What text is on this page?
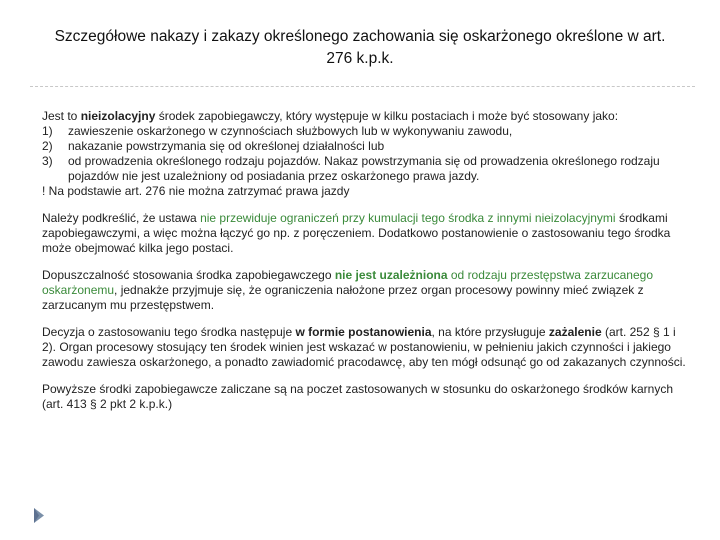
Szczegółowe nakazy i zakazy określonego zachowania się oskarżonego określone w art. 276 k.p.k.

Jest to nieizolacyjny środek zapobiegawczy, który występuje w kilku postaciach i może być stosowany jako:

1)	zawieszenie oskarżonego w czynnościach służbowych lub w wykonywaniu zawodu,
2)	nakazanie powstrzymania się od określonej działalności lub
3)	od prowadzenia określonego rodzaju pojazdów. Nakaz powstrzymania się od prowadzenia określonego rodzaju pojazdów nie jest uzależniony od posiadania przez oskarżonego prawa jazdy.

! Na podstawie art. 276 nie można zatrzymać prawa jazdy

Należy podkreślić, że ustawa nie przewiduje ograniczeń przy kumulacji tego środka z innymi nieizolacyjnymi środkami zapobiegawczymi, a więc można łączyć go np. z poręczeniem. Dodatkowo postanowienie o zastosowaniu tego środka może obejmować kilka jego postaci.

Dopuszczalność stosowania środka zapobiegawczego nie jest uzależniona od rodzaju przestępstwa zarzucanego oskarżonemu, jednakże przyjmuje się, że ograniczenia nałożone przez organ procesowy powinny mieć związek z zarzucanym mu przestępstwem.

Decyzja o zastosowaniu tego środka następuje w formie postanowienia, na które przysługuje zażalenie (art. 252 § 1 i 2). Organ procesowy stosujący ten środek winien jest wskazać w postanowieniu, w pełnieniu jakich czynności i jakiego zawodu zawiesza oskarżonego, a ponadto zawiadomić pracodawcę, aby ten mógł odsunąć go od zakazanych czynności.

Powyższe środki zapobiegawcze zaliczane są na poczet zastosowanych w stosunku do oskarżonego środków karnych (art. 413 § 2 pkt 2 k.p.k.)
